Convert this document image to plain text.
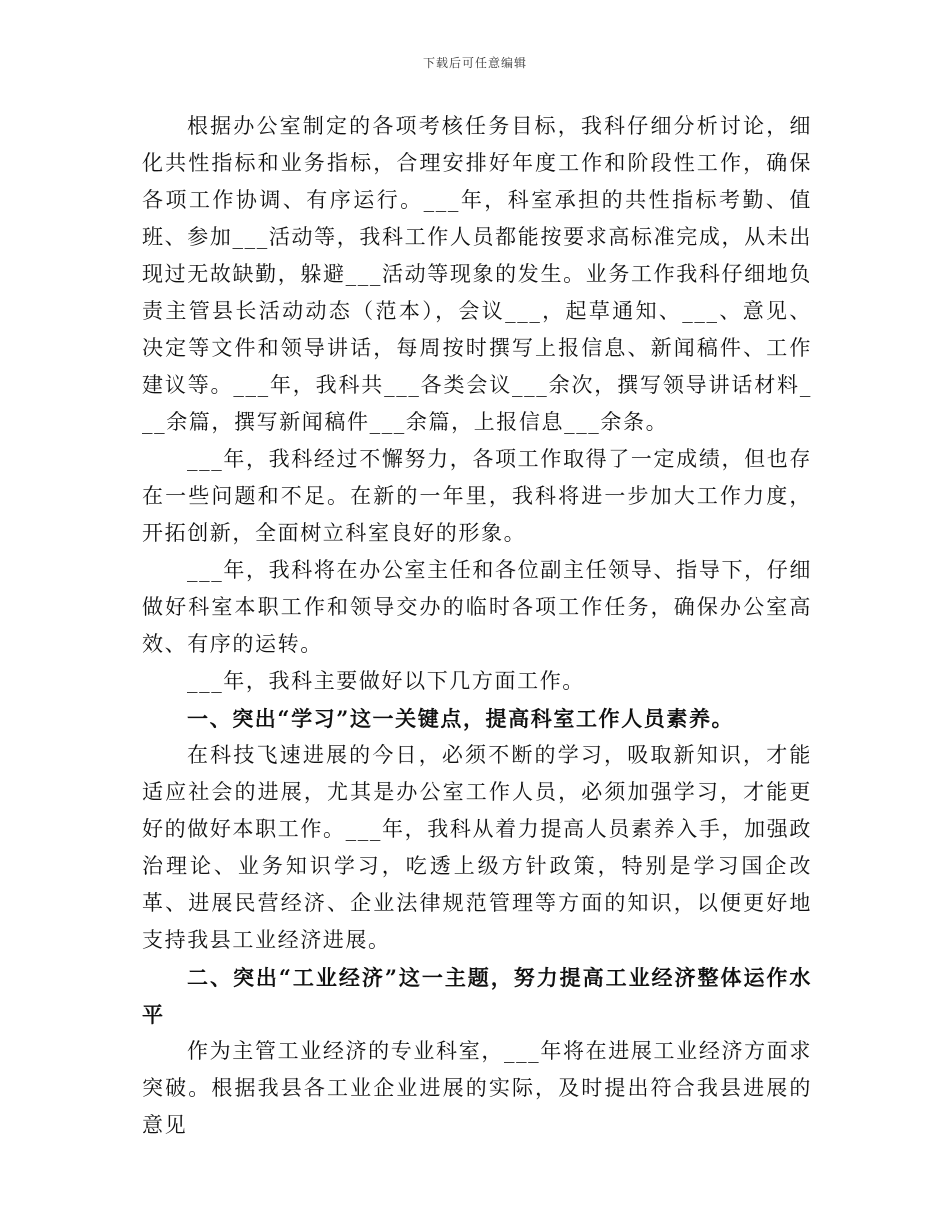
下载后可任意编辑

根据办公室制定的各项考核任务目标，我科仔细分析讨论，细化共性指标和业务指标，合理安排好年度工作和阶段性工作，确保各项工作协调、有序运行。___年，科室承担的共性指标考勤、值班、参加___活动等，我科工作人员都能按要求高标准完成，从未出现过无故缺勤，躲避___活动等现象的发生。业务工作我科仔细地负责主管县长活动动态（范本），会议___，起草通知、___、意见、决定等文件和领导讲话，每周按时撰写上报信息、新闻稿件、工作建议等。___年，我科共___各类会议___余次，撰写领导讲话材料___余篇，撰写新闻稿件___余篇，上报信息___余条。

___年，我科经过不懈努力，各项工作取得了一定成绩，但也存在一些问题和不足。在新的一年里，我科将进一步加大工作力度，开拓创新，全面树立科室良好的形象。

___年，我科将在办公室主任和各位副主任领导、指导下，仔细做好科室本职工作和领导交办的临时各项工作任务，确保办公室高效、有序的运转。

___年，我科主要做好以下几方面工作。

一、突出“学习”这一关键点，提高科室工作人员素养。

在科技飞速进展的今日，必须不断的学习，吸取新知识，才能适应社会的进展，尤其是办公室工作人员，必须加强学习，才能更好的做好本职工作。___年，我科从着力提高人员素养入手，加强政治理论、业务知识学习，吃透上级方针政策，特别是学习国企改革、进展民营经济、企业法律规范管理等方面的知识，以便更好地支持我县工业经济进展。

二、突出“工业经济”这一主题，努力提高工业经济整体运作水平

作为主管工业经济的专业科室，___年将在进展工业经济方面求突破。根据我县各工业企业进展的实际，及时提出符合我县进展的意见
